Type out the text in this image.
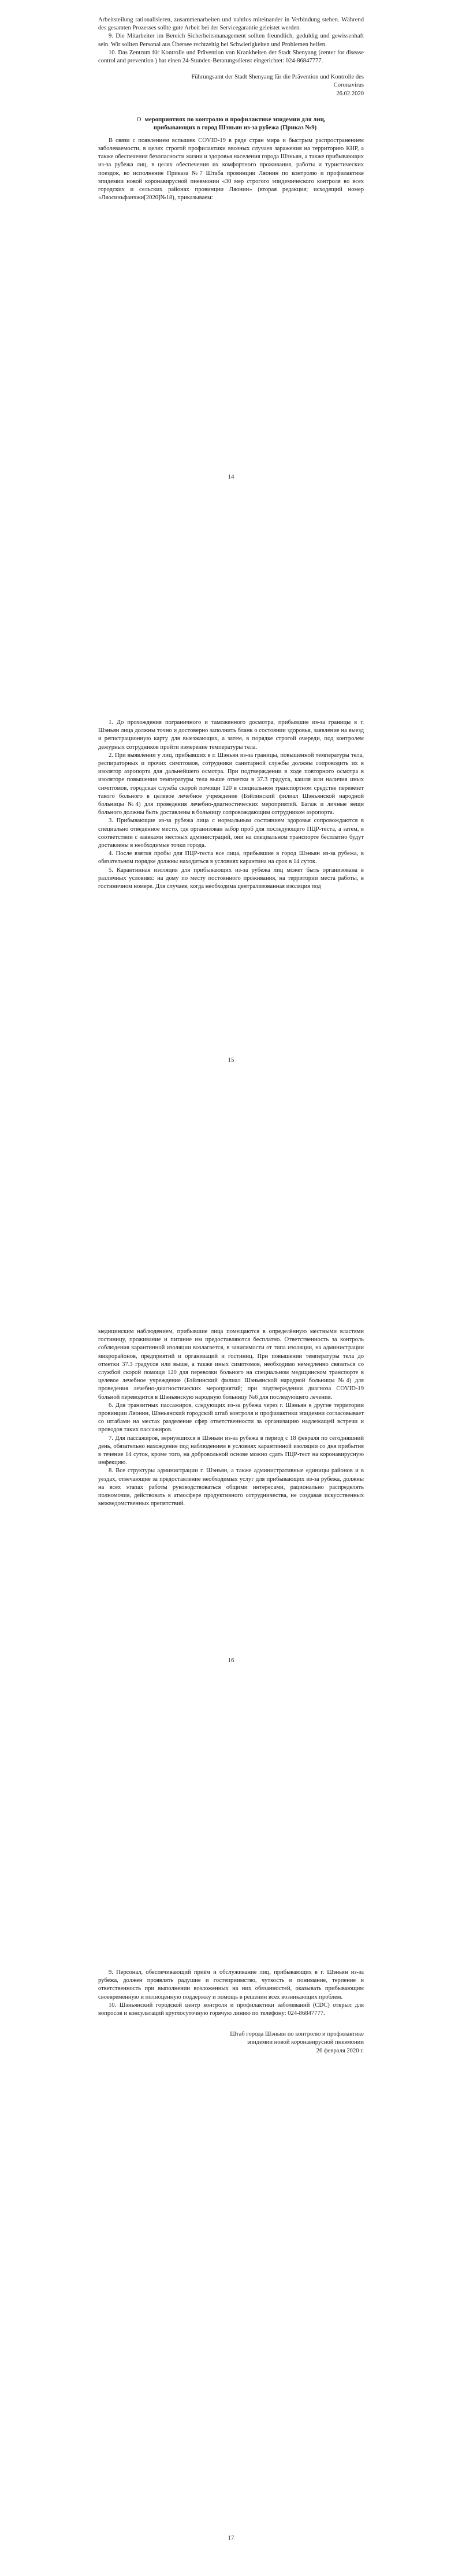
Arbeitsteilung rationalisieren, zusammenarbeiten und nahtlos miteinander in Verbindung stehen. Während des gesamten Prozesses sollte gute Arbeit bei der Servicegarantie geleistet werden.

9. Die Mitarbeiter im Bereich Sicherheitsmanagement sollten freundlich, geduldig und gewissenhaft sein. Wir sollten Personal aus Übersee rechtzeitig bei Schwierigkeiten und Problemen helfen.

10. Das Zentrum für Kontrolle und Prävention von Krankheiten der Stadt Shenyang (center for disease control and prevention ) hat einen 24-Stunden-Beratungsdienst eingerichtet: 024-86847777.

Führungsamt der Stadt Shenyang für die Prävention und Kontrolle des
Coronavirus
26.02.2020
O мероприятиях по контролю и профилактике эпидемии для лиц,
прибывающих в город Шэньян из-за рубежа (Приказ №9)

В связи с появлением вспышек COVID-19 в ряде стран мира и быстрым распространением заболеваемости, в целях строгой профилактики ввозных случаев заражения на территорию КНР, а также обеспечения безопасности жизни и здоровья населения города Шэньян, а также прибывающих из-за рубежа лиц, в целях обеспечения их комфортного проживания, работы и туристических поездок, во исполнение Приказа №7 Штаба провинции Ляонин по контролю и профилактике эпидемии новой коронавирусной пневмонии «30 мер строгого эпидемического контроля во всех городских и сельских районах провинции Ляонин» (вторая редакция; исходящий номер «Ляосиньфанчжи[2020]№18), приказываем:

14

1. До прохождения пограничного и таможенного досмотра, прибывшие из-за границы в г. Шэньян лица должны точно и достоверно заполнить бланк о состоянии здоровья, заявление на выезд и регистрационную карту для выезжающих, а затем, в порядке строгой очереди, под контролем дежурных сотрудников пройти измерение температуры тела.

2. При выявлении у лиц, прибывших в г. Шэньян из-за границы, повышенной температуры тела, респираторных и прочих симптомов, сотрудники санитарной службы должны сопроводить их в изолятор аэропорта для дальнейшего осмотра. При подтверждении в ходе повторного осмотра в изоляторе повышения температуры тела выше отметки в 37.3 градуса, кашля или наличия иных симптомов, городская служба скорой помощи 120 в специальном транспортном средстве перевезет такого больного в целевое лечебное учреждение (Бэйлинский филиал Шэньянской народной больницы №4) для проведения лечебно-диагностических мероприятий. Багаж и личные вещи больного должны быть доставлены в больницу сопровождающим сотрудником аэропорта.

3. Прибывающие из-за рубежа лица с нормальным состоянием здоровья сопровождаются в специально отведённое место, где организован забор проб для последующего ПЦР-теста, а затем, в соответствии с заявками местных администраций, они на специальном транспорте бесплатно будут доставлены в необходимые точки города.

4. После взятия пробы для ПЦР-теста все лица, прибывшие в город Шэньян из-за рубежа, в обязательном порядке должны находиться в условиях карантина на срок в 14 суток.

5. Карантинная изоляция для прибывающих из-за рубежа лиц может быть организована в различных условиях: на дому по месту постоянного проживания, на территории места работы, в гостиничном номере. Для случаев, когда необходима централизованная изоляция под

15

медицинским наблюдением, прибывшие лица помещаются в определённую местными властями гостиницу, проживание и питание им предоставляются бесплатно. Ответственность за контроль соблюдения карантинной изоляции возлагается, в зависимости от типа изоляции, на администрации микрорайонов, предприятий и организаций и гостиниц. При повышении температуры тела до отметки 37.3 градусов или выше, а также иных симптомов, необходимо немедленно связаться со службой скорой помощи 120 для перевозки больного на специальном медицинском транспорте в целевое лечебное учреждение (Бэйлинский филиал Шэньянской народной больницы №4) для проведения лечебно-диагностических мероприятий; при подтверждении диагноза COVID-19 больной переводится в Шэньянскую народную больницу №6 для последующего лечения.

6. Для транзитных пассажиров, следующих из-за рубежа через г. Шэньян в другие территории провинции Ляонин, Шэньянский городской штаб контроля и профилактики эпидемии согласовывает со штабами на местах разделение сфер ответственности за организацию надлежащей встречи и проводов таких пассажиров.

7. Для пассажиров, вернувшихся в Шэньян из-за рубежа в период с 18 февраля по сегодняшний день, обязательно нахождение под наблюдением в условиях карантинной изоляции со дня прибытия в течение 14 суток, кроме того, на добровольной основе можно сдать ПЦР-тест на коронавирусную инфекцию.

8. Все структуры администрации г. Шэньян, а также административные единицы районов и в уездах, отвечающие за предоставление необходимых услуг для прибывающих из-за рубежа, должны на всех этапах работы руководствоваться общими интересами, рационально распределять полномочия, действовать в атмосфере продуктивного сотрудничества, не создавая искусственных межведомственных препятствий.

16

9. Персонал, обеспечивающий приём и обслуживание лиц, прибывающих в г. Шэньян из-за рубежа, должен проявлять радушие и гостеприимство, чуткость и понимание, терпение и ответственность при выполнении возложенных на них обязанностей, оказывать прибывающим своевременную и полноценную поддержку и помощь в решении всех возникающих проблем.

10. Шэньянский городской центр контроля и профилактики заболеваний (CDC) открыл для вопросов и консультаций круглосуточную горячую линию по телефону: 024-86847777.

Штаб города Шэньян по контролю и профилактике
эпидемии новой коронавирусной пневмонии
26 февраля 2020 г.
17
